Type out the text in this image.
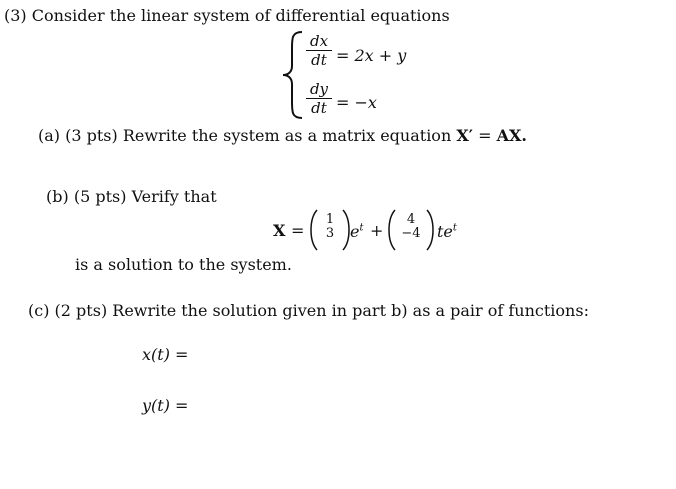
(3) Consider the linear system of differential equations
dx
dt = 2x + y
dy
dt = −x
(a) (3 pts) Rewrite the system as a matrix equation X′ = AX.
(b) (5 pts) Verify that
X =
1
3 $e^t$ +
4
−4	$te^t$
is a solution to the system.
(c) (2 pts) Rewrite the solution given in part b) as a pair of functions:
x(t) =
y(t) =
